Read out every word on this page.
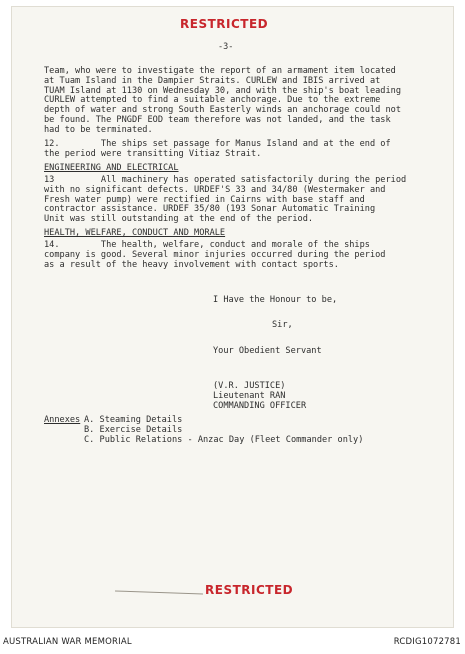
RESTRICTED
-3-
Team, who were to investigate the report of an armament item located
at Tuam Island in the Dampier Straits. CURLEW and IBIS arrived at
TUAM Island at 1130 on Wednesday 30, and with the ship's boat leading
CURLEW attempted to find a suitable anchorage. Due to the extreme
depth of water and strong South Easterly winds an anchorage could not
be found. The PNGDF EOD team therefore was not landed, and the task
had to be terminated.
12.        The ships set passage for Manus Island and at the end of
the period were transitting Vitiaz Strait.
ENGINEERING AND ELECTRICAL
13         All machinery has operated satisfactorily during the period
with no significant defects. URDEF'S 33 and 34/80 (Westermaker and
Fresh water pump) were rectified in Cairns with base staff and
contractor assistance. URDEF 35/80 (193 Sonar Automatic Training
Unit was still outstanding at the end of the period.
HEALTH, WELFARE, CONDUCT AND MORALE
14.        The health, welfare, conduct and morale of the ships
company is good. Several minor injuries occurred during the period
as a result of the heavy involvement with contact sports.
I Have the Honour to be,
Sir,
Your Obedient Servant
(V.R. JUSTICE)
Lieutenant RAN
COMMANDING OFFICER
Annexes A. Steaming Details
B. Exercise Details
C. Public Relations - Anzac Day (Fleet Commander only)
RESTRICTED
AUSTRALIAN WAR MEMORIAL	RCDIG1072781
